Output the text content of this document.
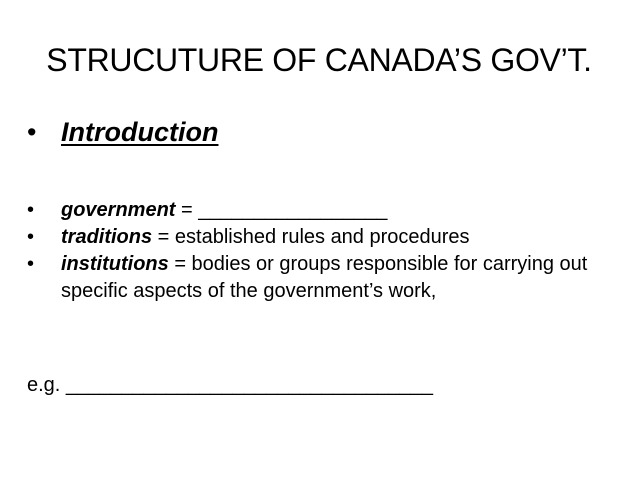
STRUCUTURE OF CANADA’S GOV’T.
• Introduction
•	government = _________________
•	traditions = established rules and procedures
•	institutions = bodies or groups responsible for carrying out specific aspects of the government’s work,
e.g. _________________________________
